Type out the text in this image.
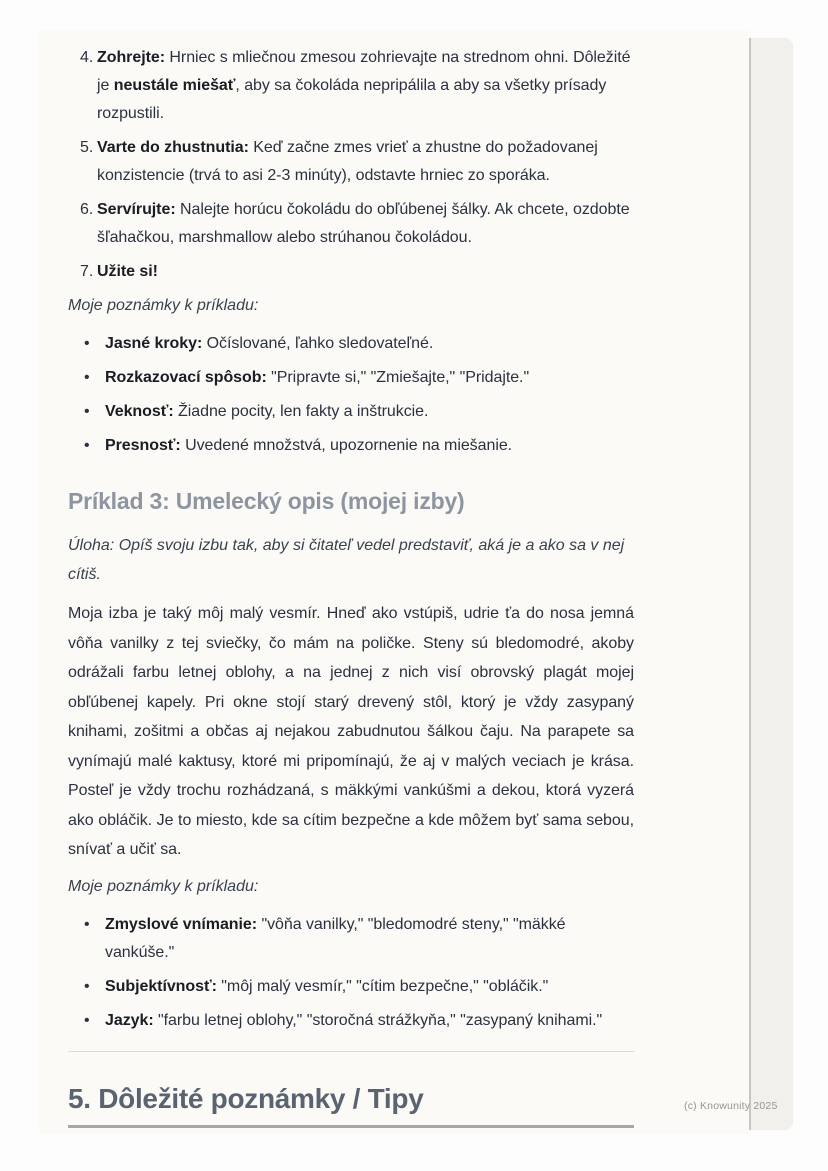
4. Zohrejte: Hrniec s mliečnou zmesou zohrievajte na strednom ohni. Dôležité je neustále miešať, aby sa čokoláda nepripálila a aby sa všetky prísady rozpustili.
5. Varte do zhustnutia: Keď začne zmes vrieť a zhustne do požadovanej konzistencie (trvá to asi 2-3 minúty), odstavte hrniec zo sporáka.
6. Servírujte: Nalejte horúcu čokoládu do obľúbenej šálky. Ak chcete, ozdobte šľahačkou, marshmallow alebo strúhanou čokoládou.
7. Užite si!

Moje poznámky k príkladu:

• Jasné kroky: Očíslované, ľahko sledovateľné.
• Rozkazovací spôsob: "Pripravte si," "Zmiešajte," "Pridajte."
• Veknosť: Žiadne pocity, len fakty a inštrukcie.
• Presnosť: Uvedené množstvá, upozornenie na miešanie.
Príklad 3: Umelecký opis (mojej izby)

Úloha: Opíš svoju izbu tak, aby si čitateľ vedel predstaviť, aká je a ako sa v nej cítiš.

Moja izba je taký môj malý vesmír. Hneď ako vstúpiš, udrie ťa do nosa jemná vôňa vanilky z tej sviečky, čo mám na poličke. Steny sú bledomodré, akoby odrážali farbu letnej oblohy, a na jednej z nich visí obrovský plagát mojej obľúbenej kapely. Pri okne stojí starý drevený stôl, ktorý je vždy zasypaný knihami, zošitmi a občas aj nejakou zabudnutou šálkou čaju. Na parapete sa vynímajú malé kaktusy, ktoré mi pripomínajú, že aj v malých veciach je krása. Posteľ je vždy trochu rozhádzaná, s mäkkými vankúšmi a dekou, ktorá vyzerá ako obláčik. Je to miesto, kde sa cítim bezpečne a kde môžem byť sama sebou, snívať a učiť sa.

Moje poznámky k príkladu:

• Zmyslové vnímanie: "vôňa vanilky," "bledomodré steny," "mäkké vankúše."
• Subjektívnosť: "môj malý vesmír," "cítim bezpečne," "obláčik."
• Jazyk: "farbu letnej oblohy," "storočná strážkyňa," "zasypaný knihami."
5. Dôležité poznámky / Tipy	(c) Knowunity 2025
